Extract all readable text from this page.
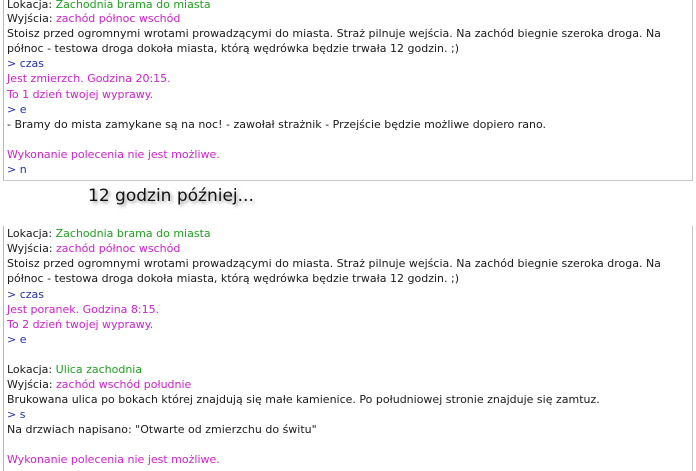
Lokacja: Zachodnia brama do miasta
Wyjścia: zachód północ wschód
Stoisz przed ogromnymi wrotami prowadzącymi do miasta. Straż pilnuje wejścia. Na zachód biegnie szeroka droga. Na
północ - testowa droga dokoła miasta, którą wędrówka będzie trwała 12 godzin. ;)
> czas
Jest zmierzch. Godzina 20:15.
To 1 dzień twojej wyprawy.
> e
- Bramy do mista zamykane są na noc! - zawołał strażnik - Przejście będzie możliwe dopiero rano.
Wykonanie polecenia nie jest możliwe.
> n
12 godzin później...
Lokacja: Zachodnia brama do miasta
Wyjścia: zachód północ wschód
Stoisz przed ogromnymi wrotami prowadzącymi do miasta. Straż pilnuje wejścia. Na zachód biegnie szeroka droga. Na
północ - testowa droga dokoła miasta, którą wędrówka będzie trwała 12 godzin. ;)
> czas
Jest poranek. Godzina 8:15.
To 2 dzień twojej wyprawy.
> e
Lokacja: Ulica zachodnia
Wyjścia: zachód wschód południe
Brukowana ulica po bokach której znajdują się małe kamienice. Po południowej stronie znajduje się zamtuz.
> s
Na drzwiach napisano: "Otwarte od zmierzchu do świtu"
Wykonanie polecenia nie jest możliwe.
